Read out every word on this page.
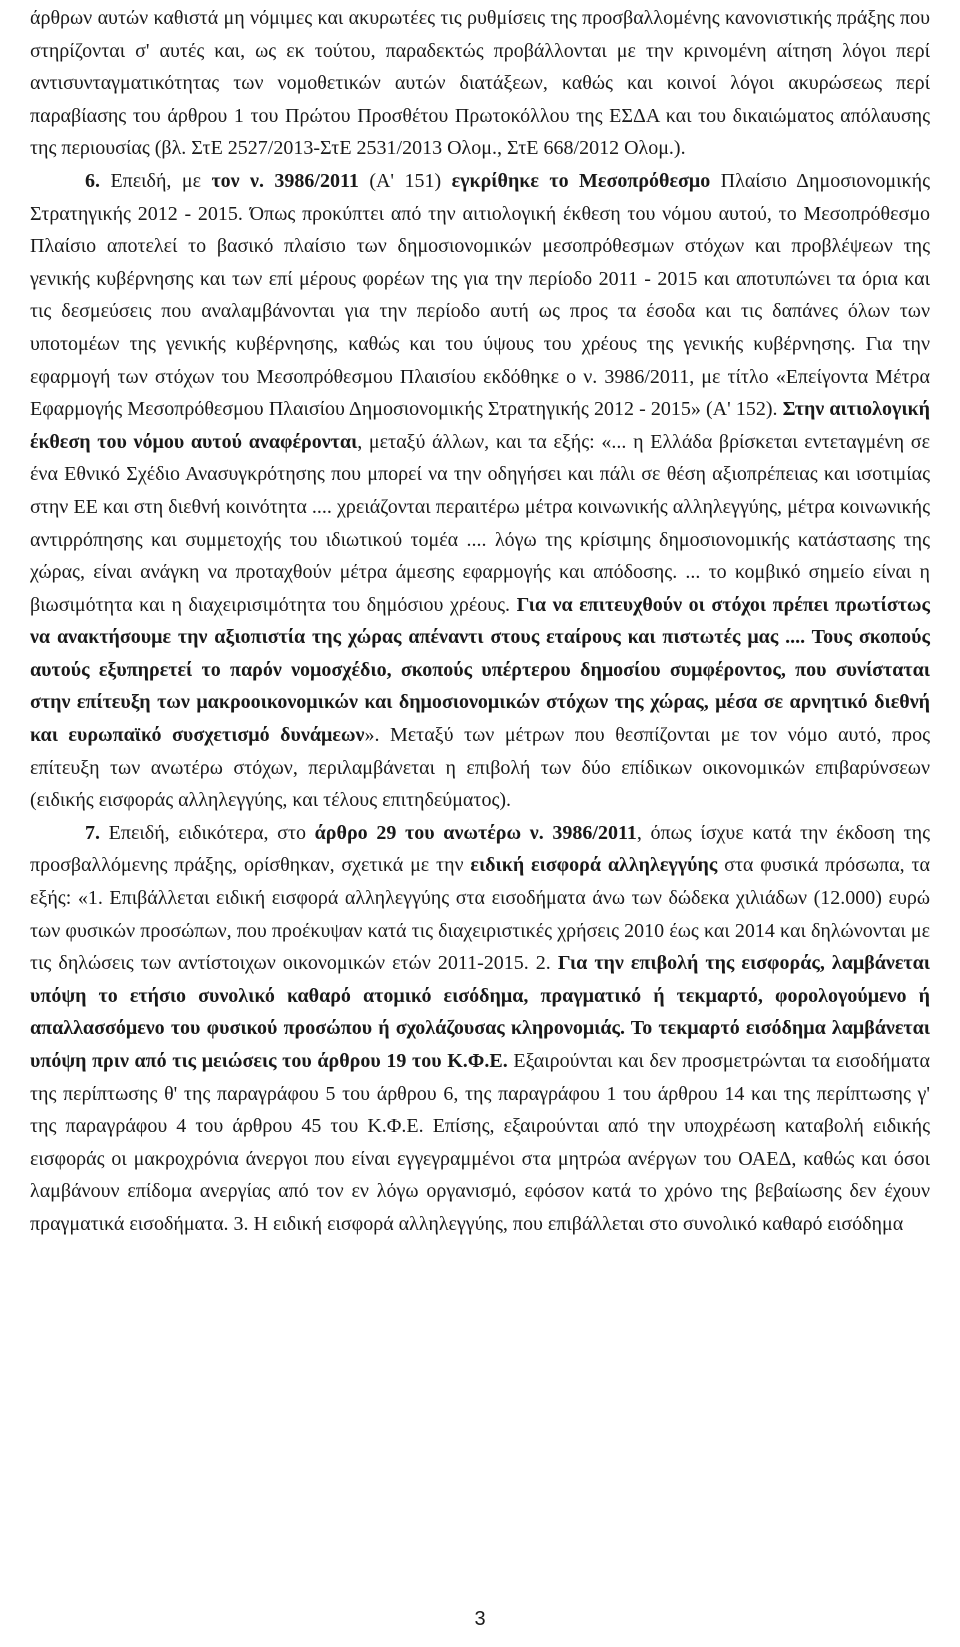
άρθρων αυτών καθιστά μη νόμιμες και ακυρωτέες τις ρυθμίσεις της προσβαλλομένης κανονιστικής πράξης που στηρίζονται σ' αυτές και, ως εκ τούτου, παραδεκτώς προβάλλονται με την κρινομένη αίτηση λόγοι περί αντισυνταγματικότητας των νομοθετικών αυτών διατάξεων, καθώς και κοινοί λόγοι ακυρώσεως περί παραβίασης του άρθρου 1 του Πρώτου Προσθέτου Πρωτοκόλλου της ΕΣΔΑ και του δικαιώματος απόλαυσης της περιουσίας (βλ. ΣτΕ 2527/2013-ΣτΕ 2531/2013 Ολομ., ΣτΕ 668/2012 Ολομ.).

6. Επειδή, με τον ν. 3986/2011 (Α' 151) εγκρίθηκε το Μεσοπρόθεσμο Πλαίσιο Δημοσιονομικής Στρατηγικής 2012 - 2015. Όπως προκύπτει από την αιτιολογική έκθεση του νόμου αυτού, το Μεσοπρόθεσμο Πλαίσιο αποτελεί το βασικό πλαίσιο των δημοσιονομικών μεσοπρόθεσμων στόχων και προβλέψεων της γενικής κυβέρνησης και των επί μέρους φορέων της για την περίοδο 2011 - 2015 και αποτυπώνει τα όρια και τις δεσμεύσεις που αναλαμβάνονται για την περίοδο αυτή ως προς τα έσοδα και τις δαπάνες όλων των υποτομέων της γενικής κυβέρνησης, καθώς και του ύψους του χρέους της γενικής κυβέρνησης. Για την εφαρμογή των στόχων του Μεσοπρόθεσμου Πλαισίου εκδόθηκε ο ν. 3986/2011, με τίτλο «Επείγοντα Μέτρα Εφαρμογής Μεσοπρόθεσμου Πλαισίου Δημοσιονομικής Στρατηγικής 2012 - 2015» (Α' 152). Στην αιτιολογική έκθεση του νόμου αυτού αναφέρονται, μεταξύ άλλων, και τα εξής: «... η Ελλάδα βρίσκεται εντεταγμένη σε ένα Εθνικό Σχέδιο Ανασυγκρότησης που μπορεί να την οδηγήσει και πάλι σε θέση αξιοπρέπειας και ισοτιμίας στην ΕΕ και στη διεθνή κοινότητα .... χρειάζονται περαιτέρω μέτρα κοινωνικής αλληλεγγύης, μέτρα κοινωνικής αντιρρόπησης και συμμετοχής του ιδιωτικού τομέα .... λόγω της κρίσιμης δημοσιονομικής κατάστασης της χώρας, είναι ανάγκη να προταχθούν μέτρα άμεσης εφαρμογής και απόδοσης. ... το κομβικό σημείο είναι η βιωσιμότητα και η διαχειρισιμότητα του δημόσιου χρέους. Για να επιτευχθούν οι στόχοι πρέπει πρωτίστως να ανακτήσουμε την αξιοπιστία της χώρας απέναντι στους εταίρους και πιστωτές μας .... Τους σκοπούς αυτούς εξυπηρετεί το παρόν νομοσχέδιο, σκοπούς υπέρτερου δημοσίου συμφέροντος, που συνίσταται στην επίτευξη των μακροοικονομικών και δημοσιονομικών στόχων της χώρας, μέσα σε αρνητικό διεθνή και ευρωπαϊκό συσχετισμό δυνάμεων». Μεταξύ των μέτρων που θεσπίζονται με τον νόμο αυτό, προς επίτευξη των ανωτέρω στόχων, περιλαμβάνεται η επιβολή των δύο επίδικων οικονομικών επιβαρύνσεων (ειδικής εισφοράς αλληλεγγύης, και τέλους επιτηδεύματος).

7. Επειδή, ειδικότερα, στο άρθρο 29 του ανωτέρω ν. 3986/2011, όπως ίσχυε κατά την έκδοση της προσβαλλόμενης πράξης, ορίσθηκαν, σχετικά με την ειδική εισφορά αλληλεγγύης στα φυσικά πρόσωπα, τα εξής: «1. Επιβάλλεται ειδική εισφορά αλληλεγγύης στα εισοδήματα άνω των δώδεκα χιλιάδων (12.000) ευρώ των φυσικών προσώπων, που προέκυψαν κατά τις διαχειριστικές χρήσεις 2010 έως και 2014 και δηλώνονται με τις δηλώσεις των αντίστοιχων οικονομικών ετών 2011-2015. 2. Για την επιβολή της εισφοράς, λαμβάνεται υπόψη το ετήσιο συνολικό καθαρό ατομικό εισόδημα, πραγματικό ή τεκμαρτό, φορολογούμενο ή απαλλασσόμενο του φυσικού προσώπου ή σχολάζουσας κληρονομιάς. Το τεκμαρτό εισόδημα λαμβάνεται υπόψη πριν από τις μειώσεις του άρθρου 19 του Κ.Φ.Ε. Εξαιρούνται και δεν προσμετρώνται τα εισοδήματα της περίπτωσης θ' της παραγράφου 5 του άρθρου 6, της παραγράφου 1 του άρθρου 14 και της περίπτωσης γ' της παραγράφου 4 του άρθρου 45 του Κ.Φ.Ε. Επίσης, εξαιρούνται από την υποχρέωση καταβολή ειδικής εισφοράς οι μακροχρόνια άνεργοι που είναι εγγεγραμμένοι στα μητρώα ανέργων του ΟΑΕΔ, καθώς και όσοι λαμβάνουν επίδομα ανεργίας από τον εν λόγω οργανισμό, εφόσον κατά το χρόνο της βεβαίωσης δεν έχουν πραγματικά εισοδήματα. 3. Η ειδική εισφορά αλληλεγγύης, που επιβάλλεται στο συνολικό καθαρό εισόδημα

3
